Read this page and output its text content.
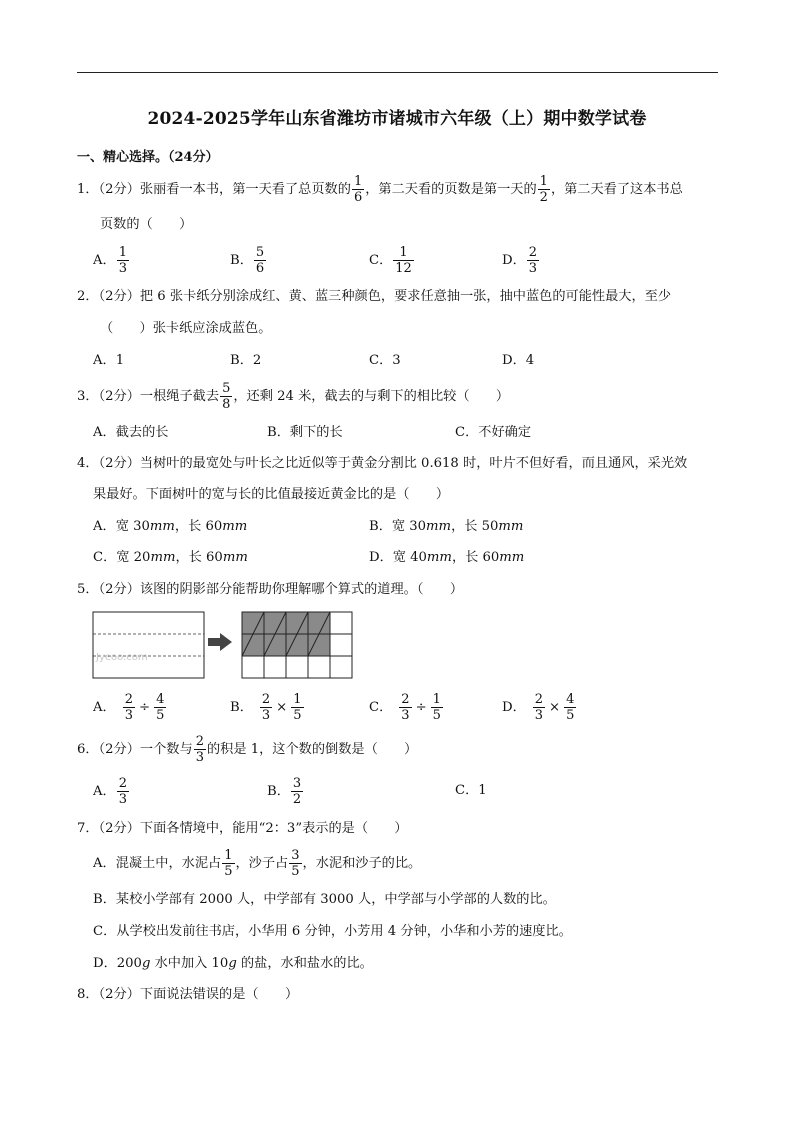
2024-2025学年山东省潍坊市诸城市六年级（上）期中数学试卷
一、精心选择。（24分）
1．（2分）张丽看一本书，第一天看了总页数的 $\frac{1}{6}$ ，第二天看的页数是第一天的 $\frac{1}{2}$ ，第二天看了这本书总
页数的（　　）
A． $\frac{1}{3}$	B． $\frac{5}{6}$	C． $\frac{1}{12}$	D． $\frac{2}{3}$
2．（2分）把 6 张卡纸分别涂成红、黄、蓝三种颜色，要求任意抽一张，抽中蓝色的可能性最大，至少
（　　）张卡纸应涂成蓝色。
A．1	B．2	C．3	D．4
3．（2分）一根绳子截去 $\frac{5}{8}$ ，还剩 24 米，截去的与剩下的相比较（　　）
A．截去的长	B．剩下的长	C．不好确定
4．（2分）当树叶的最宽处与叶长之比近似等于黄金分割比 0.618 时，叶片不但好看，而且通风，采光效
果最好。下面树叶的宽与长的比值最接近黄金比的是（　　）
A．宽 30mm，长 60mm	B．宽 30mm，长 50mm
C．宽 20mm，长 60mm	D．宽 40mm，长 60mm
5．（2分）该图的阴影部分能帮助你理解哪个算式的道理。（　　）
Jyeoo.com
A． $\frac{2}{3} \div \frac{4}{5}$	B． $\frac{2}{3} \times \frac{1}{5}$	C． $\frac{2}{3} \div \frac{1}{5}$	D． $\frac{2}{3} \times \frac{4}{5}$
6．（2分）一个数与 $\frac{2}{3}$ 的积是 1，这个数的倒数是（　　）
A． $\frac{2}{3}$	B． $\frac{3}{2}$	C．1
7．（2分）下面各情境中，能用“2：3”表示的是（　　）
A．混凝土中，水泥占 $\frac{1}{5}$ ，沙子占 $\frac{3}{5}$ ，水泥和沙子的比。
B．某校小学部有 2000 人，中学部有 3000 人，中学部与小学部的人数的比。
C．从学校出发前往书店，小华用 6 分钟，小芳用 4 分钟，小华和小芳的速度比。
D．200g 水中加入 10g 的盐，水和盐水的比。
8．（2分）下面说法错误的是（　　）
